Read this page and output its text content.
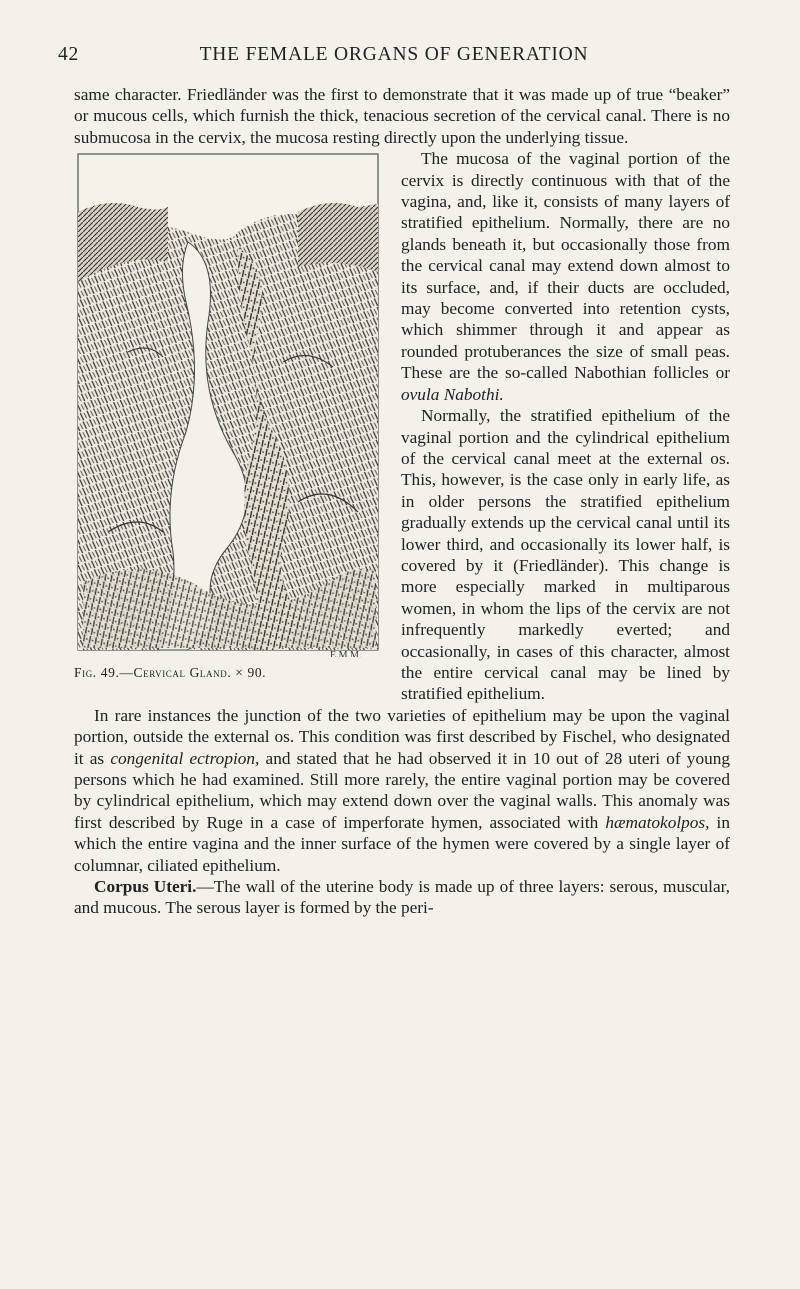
42	THE FEMALE ORGANS OF GENERATION

same character. Friedländer was the first to demonstrate that it was made up of true “beaker” or mucous cells, which furnish the thick, tenacious secretion of the cervical canal. There is no submucosa in the cervix, the mucosa resting directly upon the underlying tissue.

E.M.M.
Fig. 49.—Cervical Gland. × 90.

The mucosa of the vaginal portion of the cervix is directly continuous with that of the vagina, and, like it, consists of many layers of stratified epithelium. Normally, there are no glands beneath it, but occasionally those from the cervical canal may extend down almost to its surface, and, if their ducts are occluded, may become converted into retention cysts, which shimmer through it and appear as rounded protuberances the size of small peas. These are the so-called Nabothian follicles or ovula Nabothi.

Normally, the stratified epithelium of the vaginal portion and the cylindrical epithelium of the cervical canal meet at the external os. This, however, is the case only in early life, as in older persons the stratified epithelium gradually extends up the cervical canal until its lower third, and occasionally its lower half, is covered by it (Friedländer). This change is more especially marked in multiparous women, in whom the lips of the cervix are not infrequently markedly everted; and occasionally, in cases of this character, almost the entire cervical canal may be lined by stratified epithelium.

In rare instances the junction of the two varieties of epithelium may be upon the vaginal portion, outside the external os. This condition was first described by Fischel, who designated it as congenital ectropion, and stated that he had observed it in 10 out of 28 uteri of young persons which he had examined. Still more rarely, the entire vaginal portion may be covered by cylindrical epithelium, which may extend down over the vaginal walls. This anomaly was first described by Ruge in a case of imperforate hymen, associated with hæmatokolpos, in which the entire vagina and the inner surface of the hymen were covered by a single layer of columnar, ciliated epithelium.

Corpus Uteri.—The wall of the uterine body is made up of three layers: serous, muscular, and mucous. The serous layer is formed by the peri-
